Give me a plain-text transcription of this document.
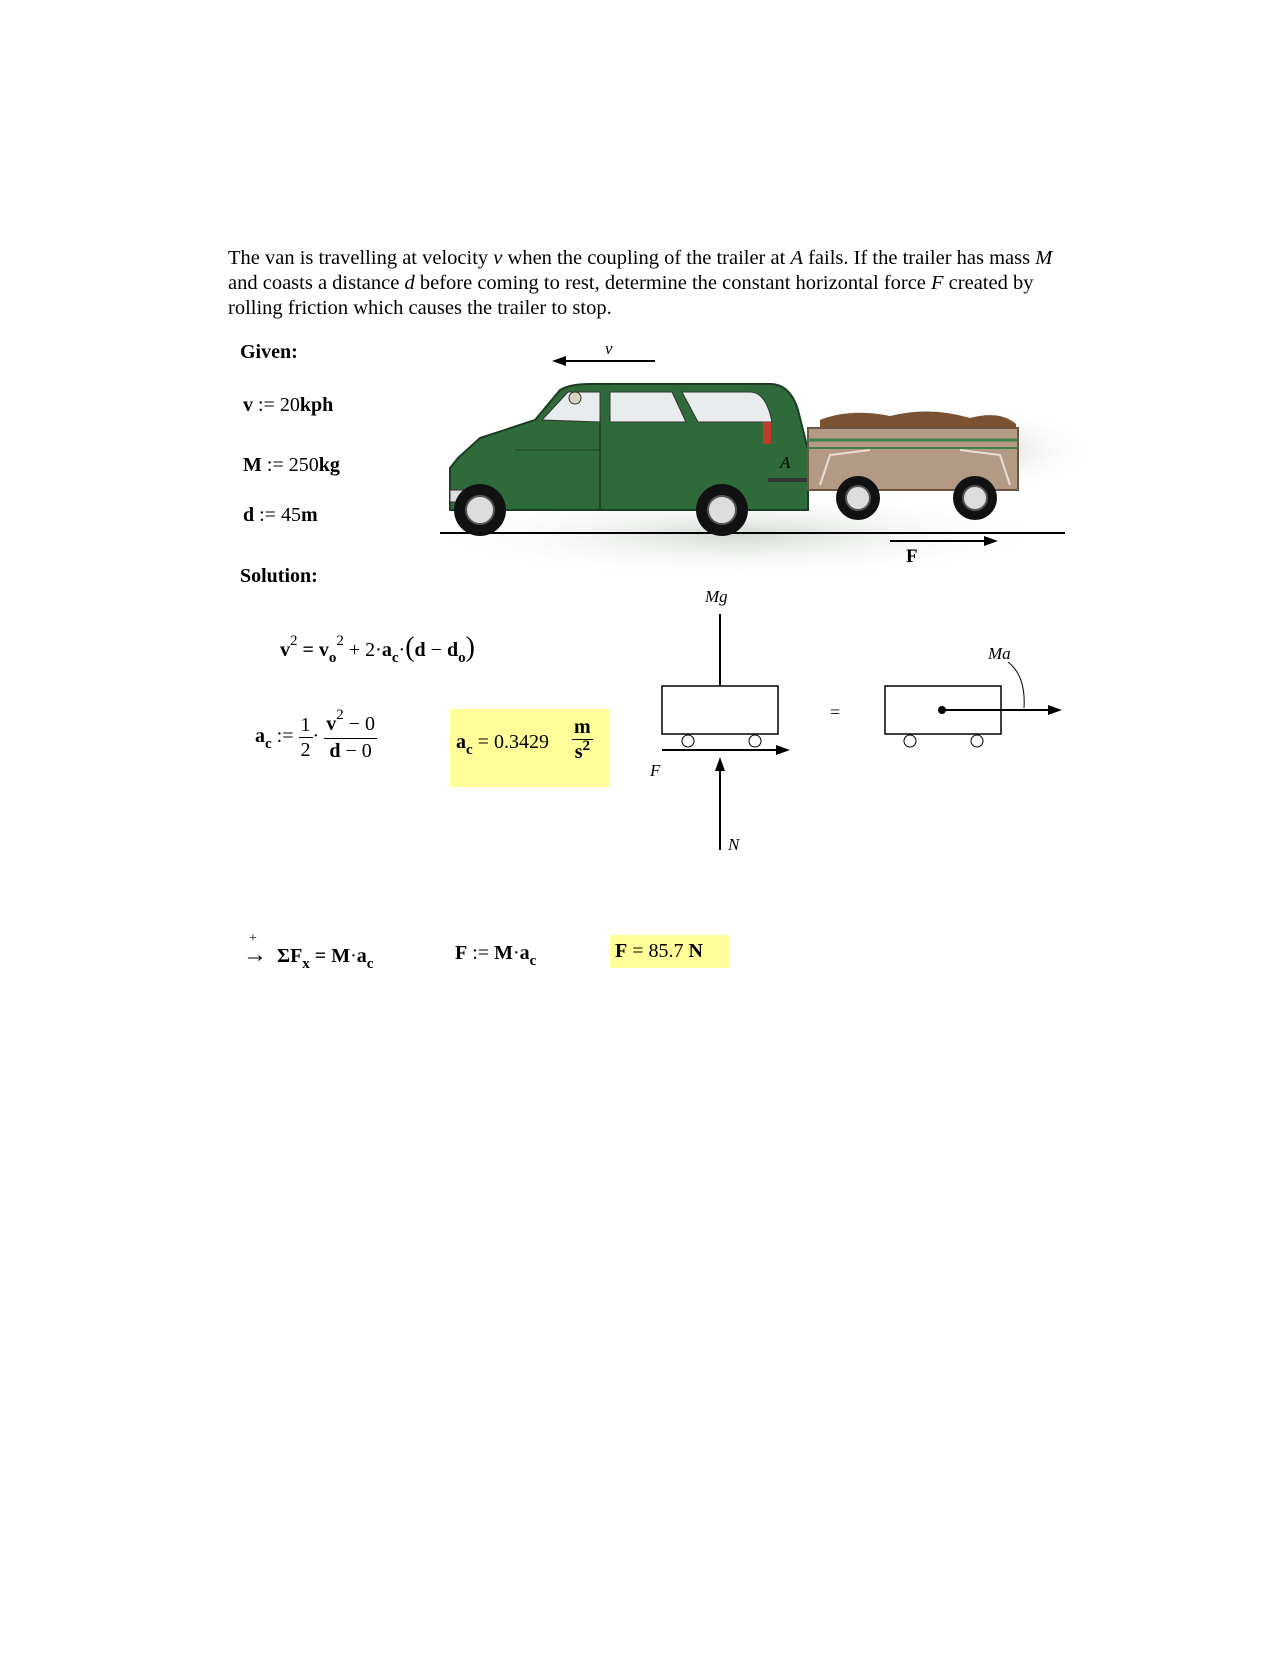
The van is travelling at velocity v when the coupling of the trailer at A fails. If the trailer has mass M and coasts a distance d before coming to rest, determine the constant horizontal force F created by rolling friction which causes the trailer to stop.
Given:
v := 20kph
M := 250kg
d := 45m
Solution:
$v^2 = v_o^2 + 2\cdot a_c\cdot(d - d_o)$
$a_c$ := $\frac{1}{2} \cdot \frac{v^2 - 0}{d - 0}$	$a_c = 0.3429 \frac{m}{s^2}$
+
→ $\Sigma F_x = M\cdot a_c$	F := $M\cdot a_c$	F = 85.7 N
v
A
F
Mg
F
N
=
Ma
